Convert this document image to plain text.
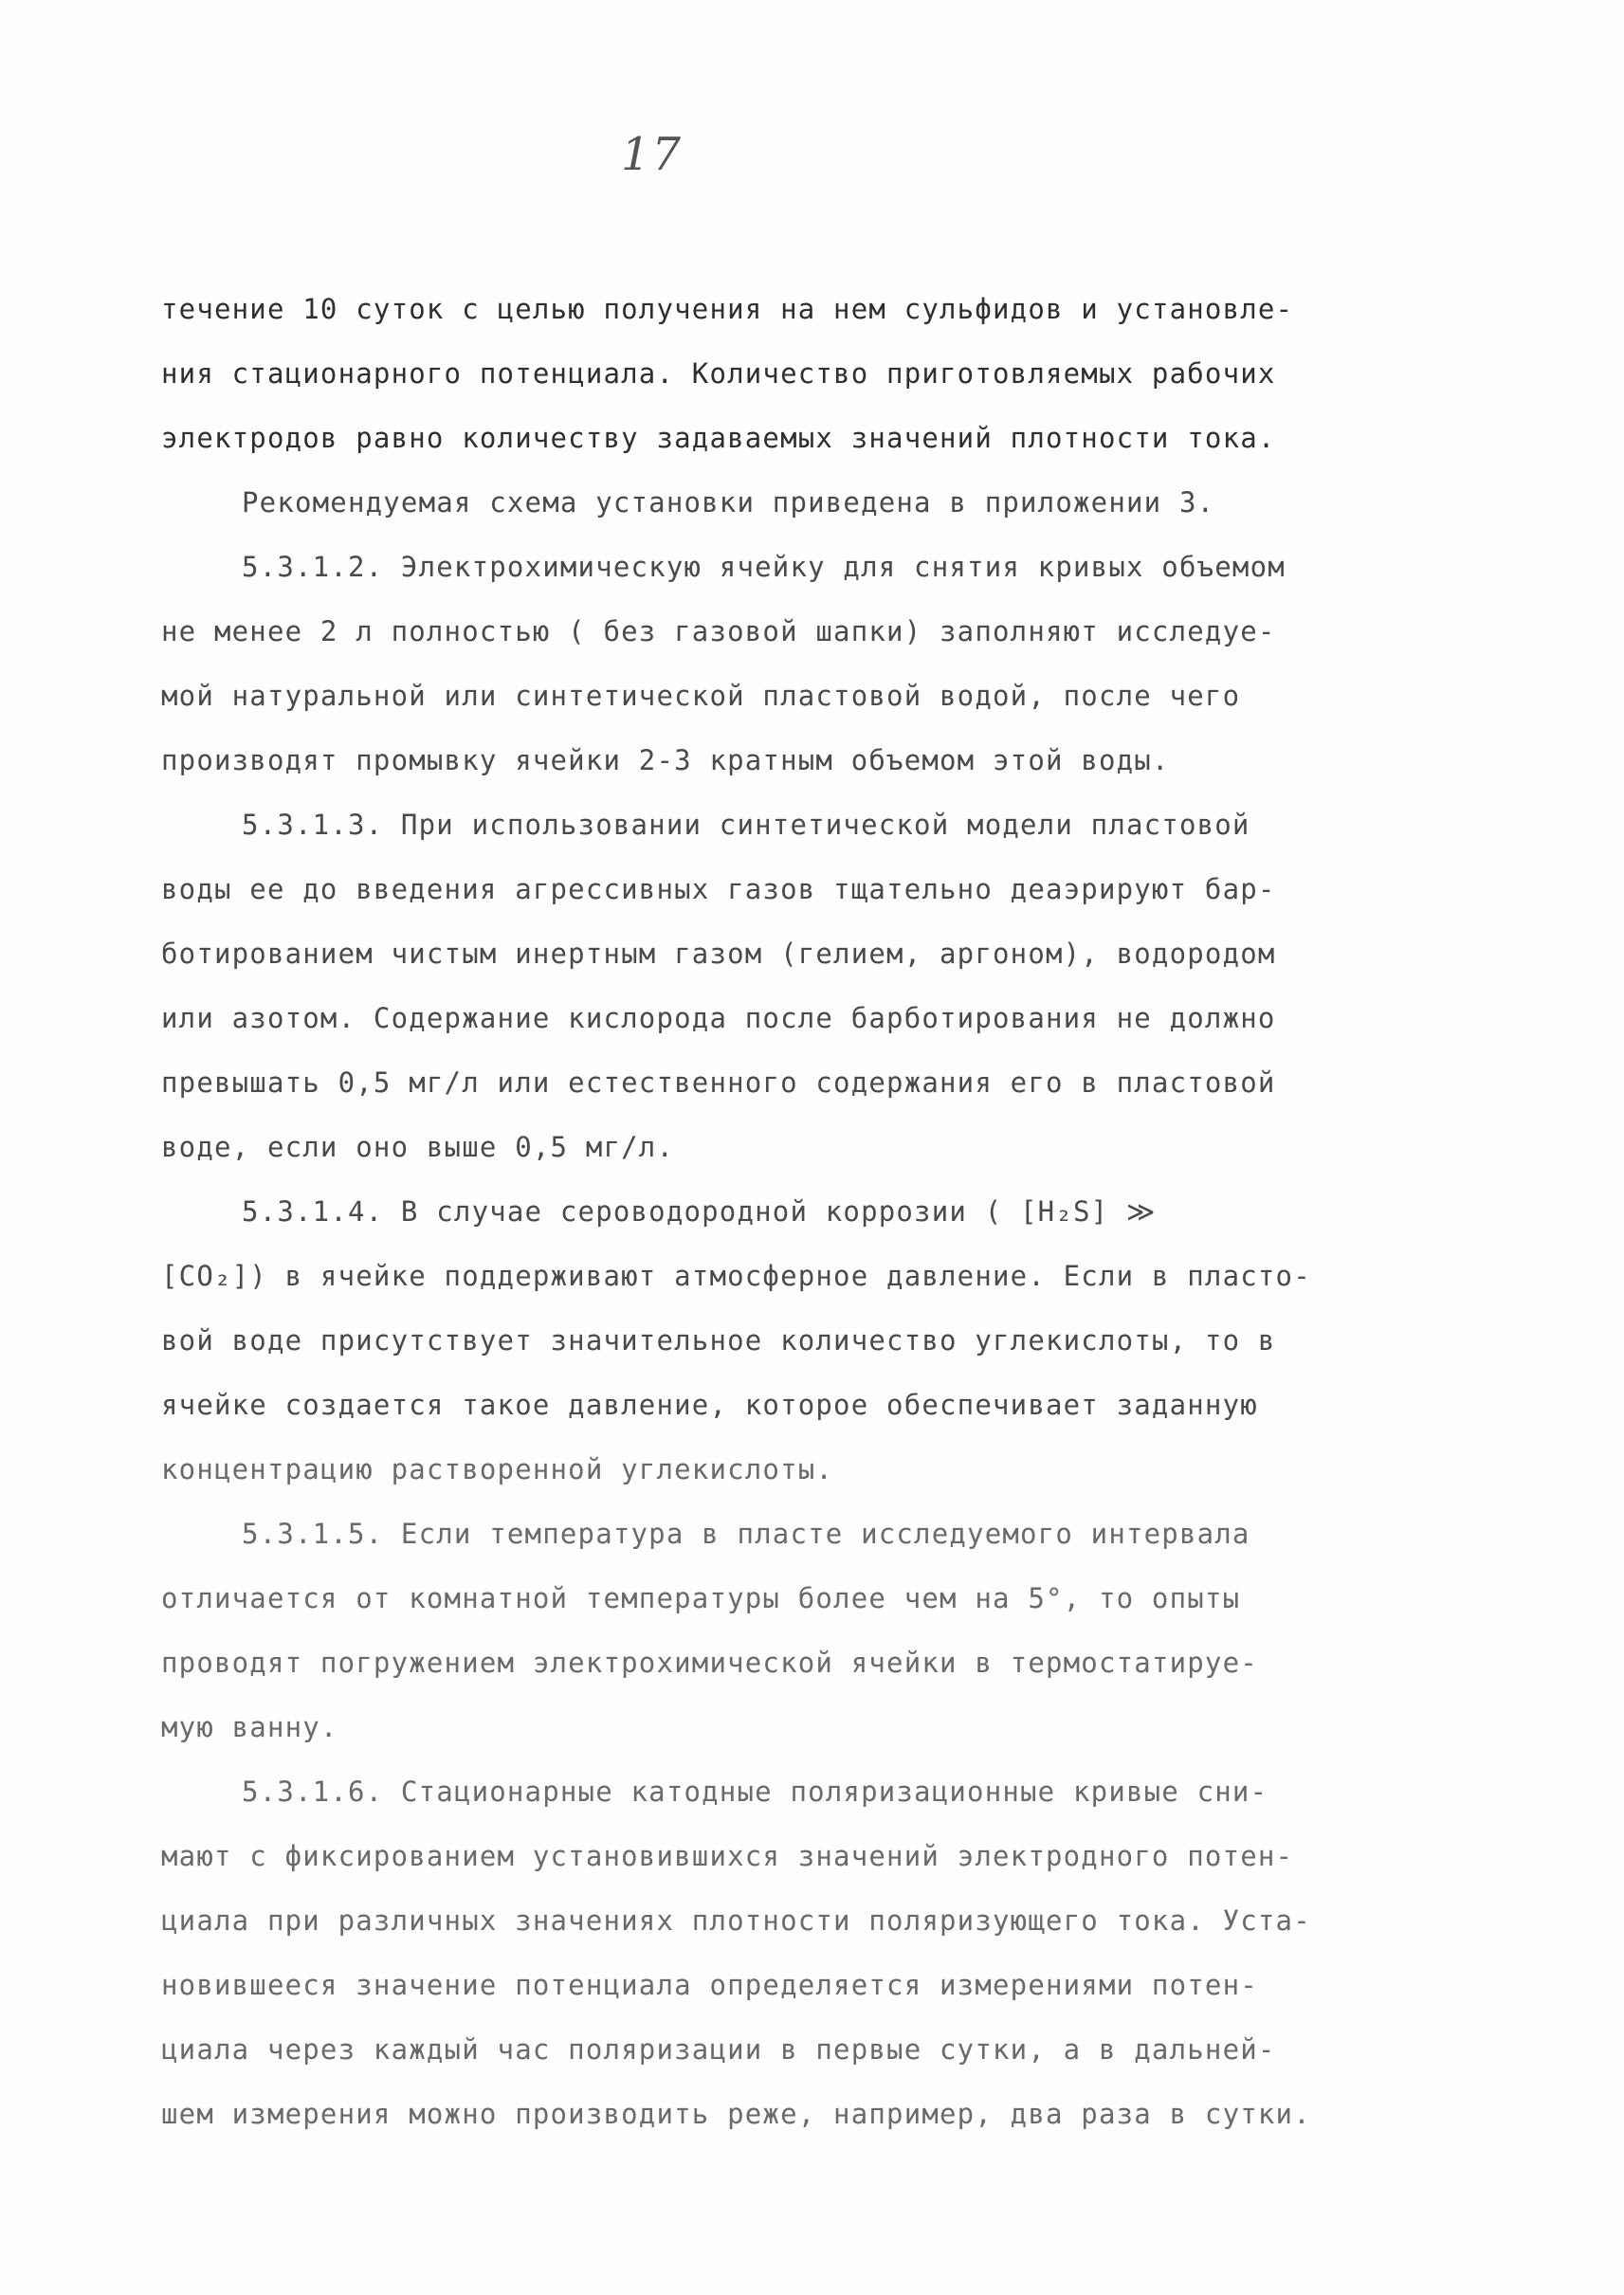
17
течение 10 суток с целью получения на нем сульфидов и установле-
ния стационарного потенциала. Количество приготовляемых рабочих
электродов равно количеству задаваемых значений плотности тока.
Рекомендуемая схема установки приведена в приложении 3.
5.3.1.2. Электрохимическую ячейку для снятия кривых объемом
не менее 2 л полностью ( без газовой шапки) заполняют исследуе-
мой натуральной или синтетической пластовой водой, после чего
производят промывку ячейки 2-3 кратным объемом этой воды.
5.3.1.3. При использовании синтетической модели пластовой
воды ее до введения агрессивных газов тщательно деаэрируют бар-
ботированием чистым инертным газом (гелием, аргоном), водородом
или азотом. Содержание кислорода после барботирования не должно
превышать 0,5 мг/л или естественного содержания его в пластовой
воде, если оно выше 0,5 мг/л.
5.3.1.4. В случае сероводородной коррозии ( [H₂S] ≫
[CO₂]) в ячейке поддерживают атмосферное давление. Если в пласто-
вой воде присутствует значительное количество углекислоты, то в
ячейке создается такое давление, которое обеспечивает заданную
концентрацию растворенной углекислоты.
5.3.1.5. Если температура в пласте исследуемого интервала
отличается от комнатной температуры более чем на 5°, то опыты
проводят погружением электрохимической ячейки в термостатируе-
мую ванну.
5.3.1.6. Стационарные катодные поляризационные кривые сни-
мают с фиксированием установившихся значений электродного потен-
циала при различных значениях плотности поляризующего тока. Уста-
новившееся значение потенциала определяется измерениями потен-
циала через каждый час поляризации в первые сутки, а в дальней-
шем измерения можно производить реже, например, два раза в сутки.
